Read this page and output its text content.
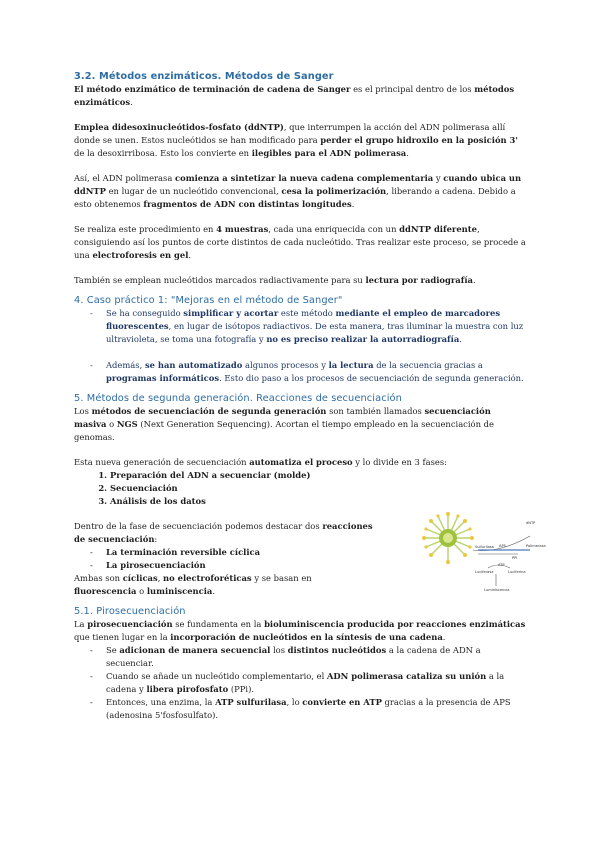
3.2. Métodos enzimáticos. Métodos de Sanger

El método enzimático de terminación de cadena de Sanger es el principal dentro de los métodos enzimáticos.

Emplea didesoxinucleótidos-fosfato (ddNTP), que interrumpen la acción del ADN polimerasa allí donde se unen. Estos nucleótidos se han modificado para perder el grupo hidroxilo en la posición 3' de la desoxirribosa. Esto los convierte en ilegibles para el ADN polimerasa.

Así, el ADN polimerasa comienza a sintetizar la nueva cadena complementaria y cuando ubica un ddNTP en lugar de un nucleótido convencional, cesa la polimerización, liberando a cadena. Debido a esto obtenemos fragmentos de ADN con distintas longitudes.

Se realiza este procedimiento en 4 muestras, cada una enriquecida con un ddNTP diferente, consiguiendo así los puntos de corte distintos de cada nucleótido. Tras realizar este proceso, se procede a una electroforesis en gel.

También se emplean nucleótidos marcados radiactivamente para su lectura por radiografía.

4. Caso práctico 1: "Mejoras en el método de Sanger"
- Se ha conseguido simplificar y acortar este método mediante el empleo de marcadores fluorescentes, en lugar de isótopos radiactivos. De esta manera, tras iluminar la muestra con luz ultravioleta, se toma una fotografía y no es preciso realizar la autorradiografía.
- Además, se han automatizado algunos procesos y la lectura de la secuencia gracias a programas informáticos. Esto dio paso a los procesos de secuenciación de segunda generación.
5. Métodos de segunda generación. Reacciones de secuenciación

Los métodos de secuenciación de segunda generación son también llamados secuenciación masiva o NGS (Next Generation Sequencing). Acortan el tiempo empleado en la secuenciación de genomas.

Esta nueva generación de secuenciación automatiza el proceso y lo divide en 3 fases:

1. Preparación del ADN a secuenciar (molde)
2. Secuenciación
3. Análisis de los datos

Dentro de la fase de secuenciación podemos destacar dos reacciones de secuenciación:

- La terminación reversible cíclica
- La pirosecuenciación

Ambas son cíclicas, no electroforéticas y se basan en fluorescencia o luminiscencia.

5.1. Pirosecuenciación

La pirosecuenciación se fundamenta en la bioluminiscencia producida por reacciones enzimáticas que tienen lugar en la incorporación de nucleótidos en la síntesis de una cadena.

- Se adicionan de manera secuencial los distintos nucleótidos a la cadena de ADN a secuenciar.
- Cuando se añade un nucleótido complementario, el ADN polimerasa cataliza su unión a la cadena y libera pirofosfato (PPi).
- Entonces, una enzima, la ATP sulfurilasa, lo convierte en ATP gracias a la presencia de APS (adenosina 5'fosfosulfato).
dNTP
Sulfurilasa APS	Polimerasa
PPi
ATP
Luciferasa	Luciferina
Luminiscencia
